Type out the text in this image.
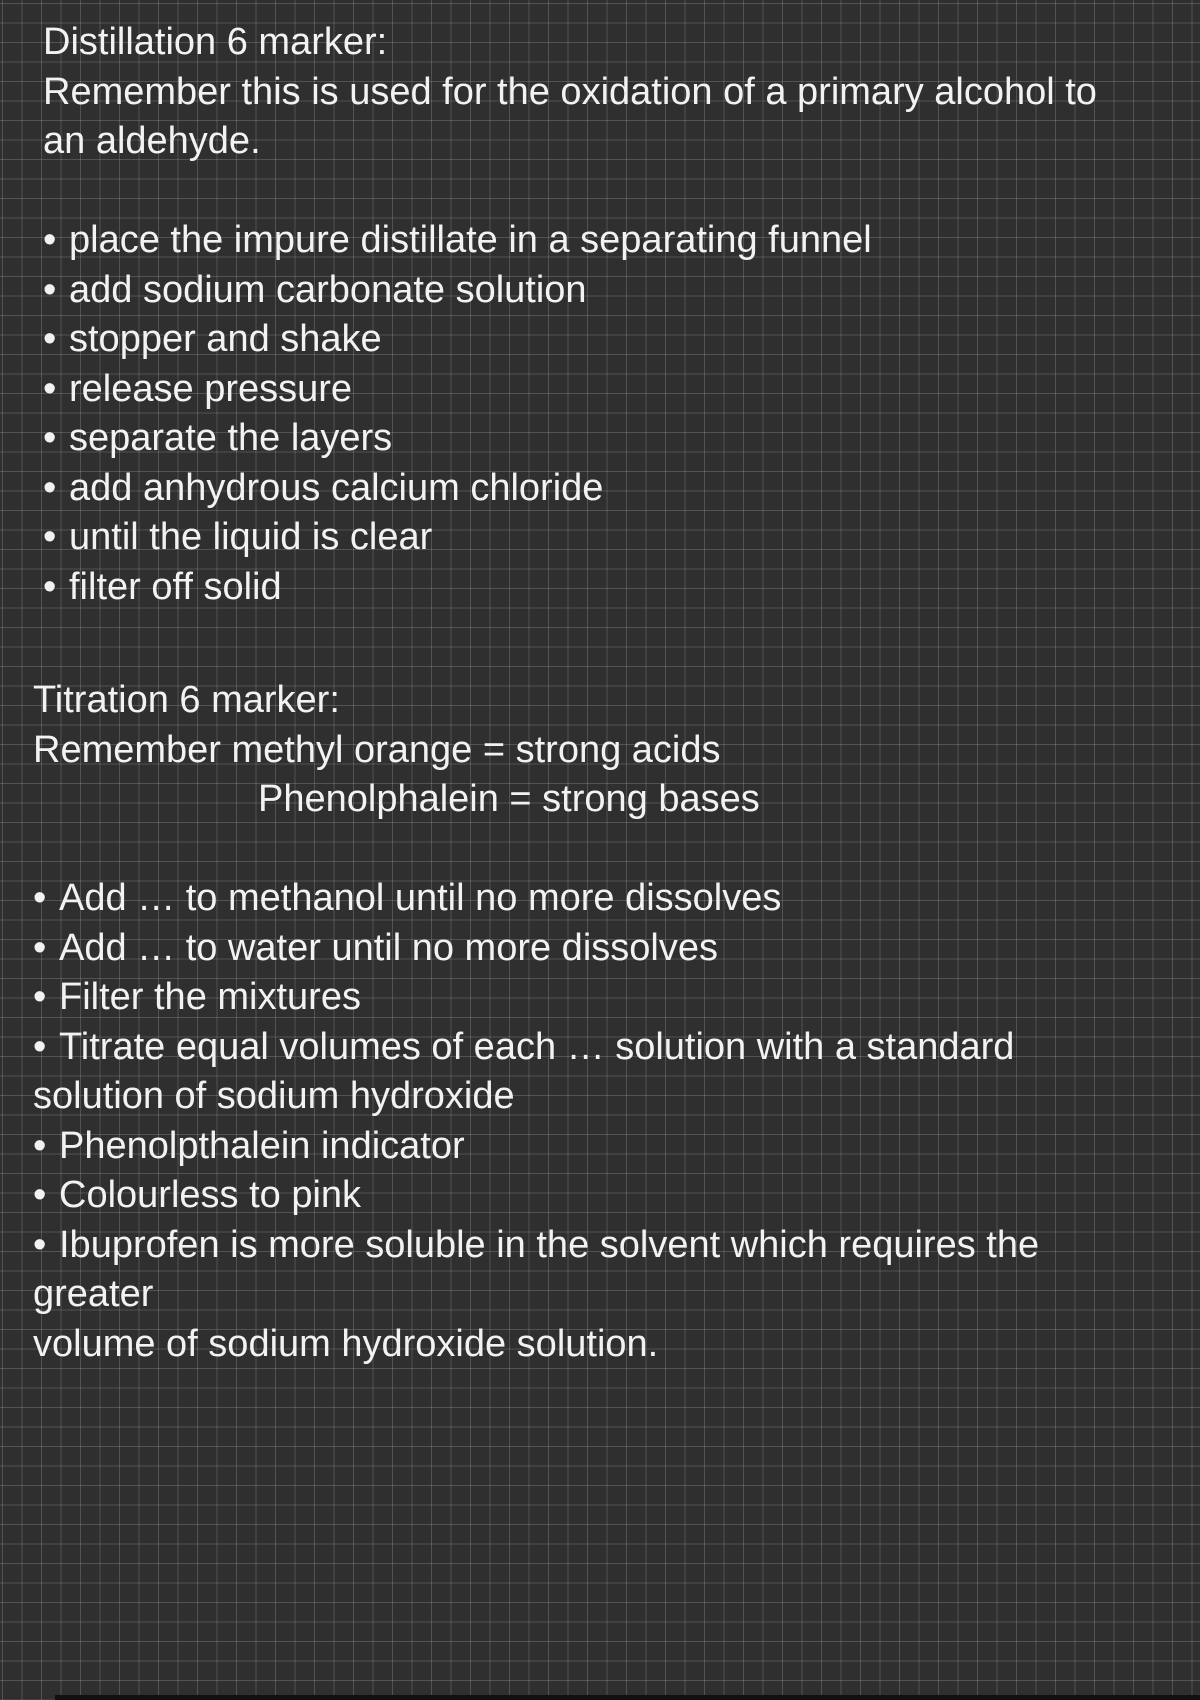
Distillation 6 marker:
Remember this is used for the oxidation of a primary alcohol to
an aldehyde.
• place the impure distillate in a separating funnel
• add sodium carbonate solution
• stopper and shake
• release pressure
• separate the layers
• add anhydrous calcium chloride
• until the liquid is clear
• filter off solid
Titration 6 marker:
Remember methyl orange = strong acids
Phenolphalein = strong bases
• Add … to methanol until no more dissolves
• Add … to water until no more dissolves
• Filter the mixtures
• Titrate equal volumes of each … solution with a standard
solution of sodium hydroxide
• Phenolpthalein indicator
• Colourless to pink
• Ibuprofen is more soluble in the solvent which requires the
greater
volume of sodium hydroxide solution.
